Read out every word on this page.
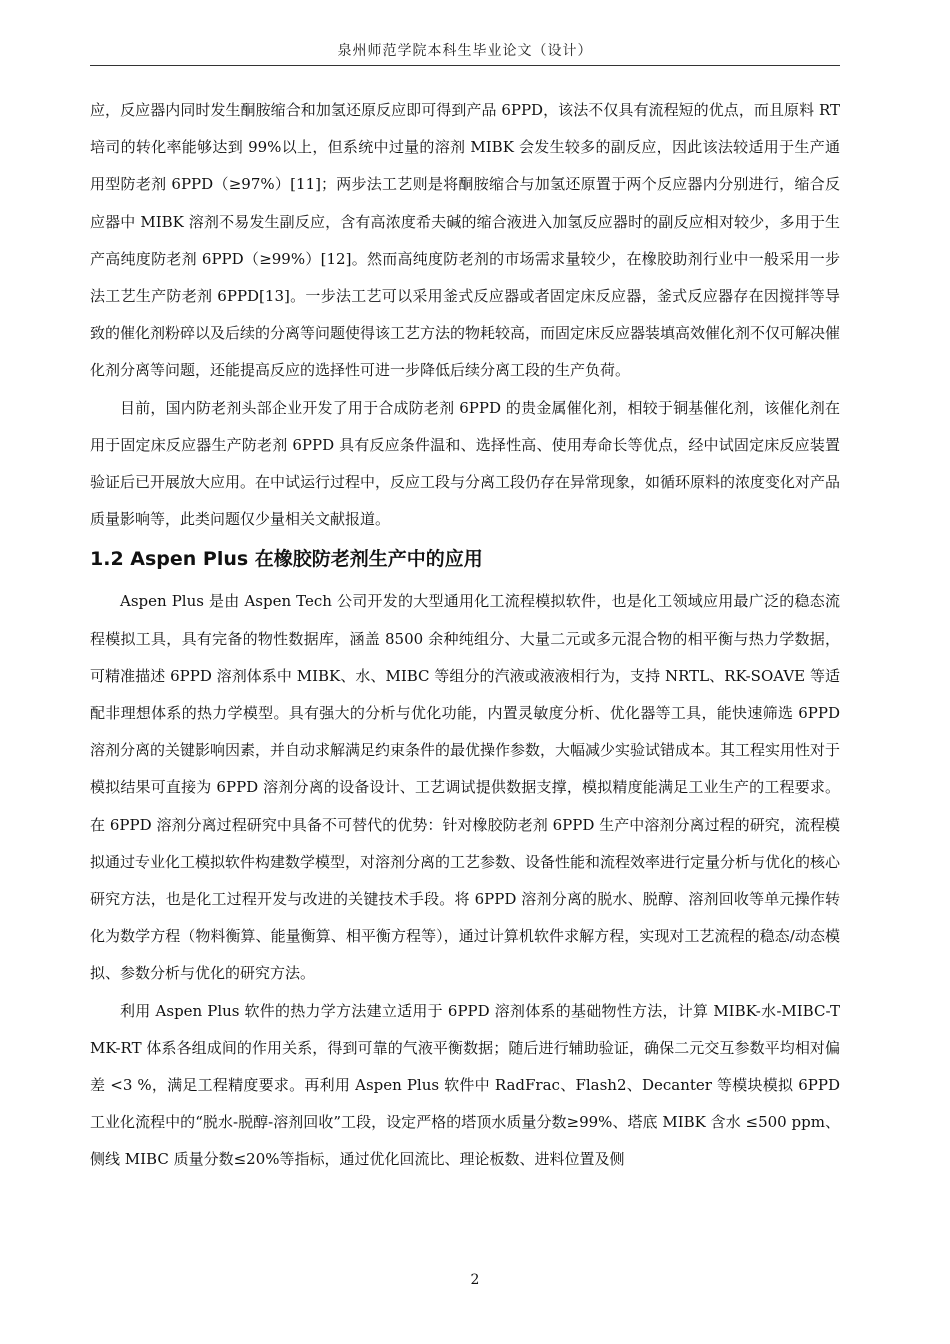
泉州师范学院本科生毕业论文（设计）

应，反应器内同时发生酮胺缩合和加氢还原反应即可得到产品 6PPD，该法不仅具有流程短的优点，而且原料 RT 培司的转化率能够达到 99%以上，但系统中过量的溶剂 MIBK 会发生较多的副反应，因此该法较适用于生产通用型防老剂 6PPD（≥97%）[11]；两步法工艺则是将酮胺缩合与加氢还原置于两个反应器内分别进行，缩合反应器中 MIBK 溶剂不易发生副反应，含有高浓度希夫碱的缩合液进入加氢反应器时的副反应相对较少，多用于生产高纯度防老剂 6PPD（≥99%）[12]。然而高纯度防老剂的市场需求量较少，在橡胶助剂行业中一般采用一步法工艺生产防老剂 6PPD[13]。一步法工艺可以采用釜式反应器或者固定床反应器，釜式反应器存在因搅拌等导致的催化剂粉碎以及后续的分离等问题使得该工艺方法的物耗较高，而固定床反应器装填高效催化剂不仅可解决催化剂分离等问题，还能提高反应的选择性可进一步降低后续分离工段的生产负荷。

目前，国内防老剂头部企业开发了用于合成防老剂 6PPD 的贵金属催化剂，相较于铜基催化剂，该催化剂在用于固定床反应器生产防老剂 6PPD 具有反应条件温和、选择性高、使用寿命长等优点，经中试固定床反应装置验证后已开展放大应用。在中试运行过程中，反应工段与分离工段仍存在异常现象，如循环原料的浓度变化对产品质量影响等，此类问题仅少量相关文献报道。

1.2 Aspen Plus 在橡胶防老剂生产中的应用

Aspen Plus 是由 Aspen Tech 公司开发的大型通用化工流程模拟软件，也是化工领域应用最广泛的稳态流程模拟工具，具有完备的物性数据库，涵盖 8500 余种纯组分、大量二元或多元混合物的相平衡与热力学数据，可精准描述 6PPD 溶剂体系中 MIBK、水、MIBC 等组分的汽液或液液相行为，支持 NRTL、RK-SOAVE 等适配非理想体系的热力学模型。具有强大的分析与优化功能，内置灵敏度分析、优化器等工具，能快速筛选 6PPD 溶剂分离的关键影响因素，并自动求解满足约束条件的最优操作参数，大幅减少实验试错成本。其工程实用性对于模拟结果可直接为 6PPD 溶剂分离的设备设计、工艺调试提供数据支撑，模拟精度能满足工业生产的工程要求。在 6PPD 溶剂分离过程研究中具备不可替代的优势：针对橡胶防老剂 6PPD 生产中溶剂分离过程的研究，流程模拟通过专业化工模拟软件构建数学模型，对溶剂分离的工艺参数、设备性能和流程效率进行定量分析与优化的核心研究方法，也是化工过程开发与改进的关键技术手段。将 6PPD 溶剂分离的脱水、脱醇、溶剂回收等单元操作转化为数学方程（物料衡算、能量衡算、相平衡方程等），通过计算机软件求解方程，实现对工艺流程的稳态/动态模拟、参数分析与优化的研究方法。

利用 Aspen Plus 软件的热力学方法建立适用于 6PPD 溶剂体系的基础物性方法，计算 MIBK-水-MIBC-TMK-RT 体系各组成间的作用关系，得到可靠的气液平衡数据；随后进行辅助验证，确保二元交互参数平均相对偏差 <3 %，满足工程精度要求。再利用 Aspen Plus 软件中 RadFrac、Flash2、Decanter 等模块模拟 6PPD 工业化流程中的“脱水-脱醇-溶剂回收”工段，设定严格的塔顶水质量分数≥99%、塔底 MIBK 含水 ≤500 ppm、侧线 MIBC 质量分数≤20%等指标，通过优化回流比、理论板数、进料位置及侧

2
